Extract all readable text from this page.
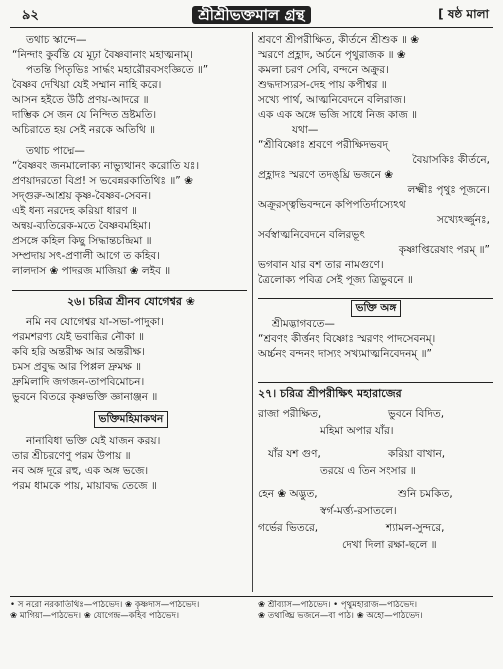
৯২	শ্রীশ্রীভক্তমাল গ্রন্থ	[ ষষ্ঠ মালা
তথাচ স্কান্দে—
“নিন্দাং কুর্বন্তি যে মূঢ়া বৈষ্ণবানাং মহাত্মনাম্।
পতন্তি পিতৃভিঃ সার্দ্ধং মহারৌরবসংজ্ঞিতে ॥”
বৈষ্ণব দেখিয়া যেই সম্মান নাহি করে।
আসন হইতে উঠি প্রণয়-আদরে ॥
দাম্ভিক সে জন যে নিন্দিত ভ্রষ্টমতি।
অচিরাতে হয় সেই নরকে অতিথি ॥
তথাচ পাদ্মে—
“বৈষ্ণবং জনমালোক্য নাভ্যুত্থানং করোতি যঃ।
প্রণয়াদরতো বিপ্র! স ভবেন্নরকাতিথিঃ ॥” ❀
সদ্গুরু-আশ্রয় কৃষ্ণ-বৈষ্ণব-সেবন।
এই ধন্য নরদেহ করিয়া ধারণ ॥
অন্বয়-ব্যতিরেক-মতে বৈষ্ণবমহিমা।
প্রসঙ্গে কহিল কিছু সিদ্ধান্তচন্দ্রিমা ॥
সম্প্রদায় সৎ-প্রণালী আগে ত কহিব।
লালদাস ❀ পাদরজ মাজিয়া ❀ লইব ॥
২৬। চরিত্র শ্রীনব যোগেশ্বর ❀
নমি নব যোগেশ্বর যা-সভা-পাদুকা।
পরমশরণ্য যেই ভবাব্ধির নৌকা ॥
কবি হরি অন্তরীক্ষ আর অন্তরীক্ষ।
চমস প্রবুদ্ধ আর পিপ্পল দ্রুমক্ষ ॥
দ্রুমিলাদি জগজন-তাপবিমোচন।
ভুবনে বিতরে কৃষ্ণভক্তি জ্ঞানাঞ্জন ॥
ভক্তিমহিমাকথন
নানাবিধা ভক্তি যেই যাজন করয়।
তার শ্রীচরণেণু পরম উপায় ॥
নব অঙ্গ দূরে রহু, এক অঙ্গ ভজে।
পরম ধামকে পায়, মায়াবদ্ধ তেজে ॥
শ্রবণে শ্রীপরীক্ষিত, কীর্তনে শ্রীশুক ॥ ❀
স্মরণে প্রহ্লাদ, অর্চনে পৃথুরাজক ॥ ❀
কমলা চরণ সেবি, বন্দনে অক্রুর।
শুদ্ধদাস্যরস-দেহ পায় কপীশ্বর ॥
সখ্যে পার্থ, আত্মনিবেদনে বলিরাজ।
এক এক অঙ্গে ভজি সাধে নিজ কাজ ॥
যথা—
“শ্রীবিষ্ণোঃ শ্রবণে পরীক্ষিদভবদ্
বৈয়াসকিঃ কীর্তনে,
প্রহ্লাদঃ স্মরণে তদঙ্‌ঘ্রি ভজনে ❀
লক্ষ্মীঃ পৃথুঃ পূজনে।
অক্রূরস্ত্বভিবন্দনে কপিপতির্দাস্যেঽথ
সখ্যেঽর্জ্জুনঃ,
সর্বস্বাত্মনিবেদনে বলিরভূৎ
কৃষ্ণাপ্তিরেষাং পরম্ ॥”
ভগবান যার বশ তার নামগুণে।
ত্রৈলোক্য পবিত্র সেই পূজ্য ত্রিভুবনে ॥
ভক্তি অঙ্গ
শ্রীমদ্ভাগবতে—
“শ্রবণং কীর্ত্তনং বিষ্ণোঃ স্মরণং পাদসেবনম্।
অর্চ্চনং বন্দনং দাস্যং সখ্যমাত্মনিবেদনম্ ॥”
২৭। চরিত্র শ্রীপরীক্ষিৎ মহারাজের
রাজা পরীক্ষিত,	ভুবনে বিদিত,
মহিমা অপার যাঁর।
যাঁর যশ গুণ,	করিয়া বাখান,
তরয়ে এ তিন সংসার ॥
হেন ❀ অদ্ভুত,	শুনি চমকিত,
স্বর্গ-মর্ত্ত্য-রসাতলে।
গর্ভের ভিতরে,	শ্যামল-সুন্দরে,
দেখা দিলা রক্ষা-ছলে ॥
• স নরো নরকাতিথিঃ—পাঠভেদ। ❀ কৃষ্ণদাস—পাঠভেদ।
❀ মাগিয়া—পাঠভেদ। ❀ যোগেন্দ্র—কহিব পাঠভেদ।
❀ শ্রীব্যাস—পাঠভেদ। • পৃথুমহারাজ—পাঠভেদ।
❀ তথাঙ্ঘ্রি ভজনে—বা পাঠ। ❀ অহো—পাঠভেদ।
